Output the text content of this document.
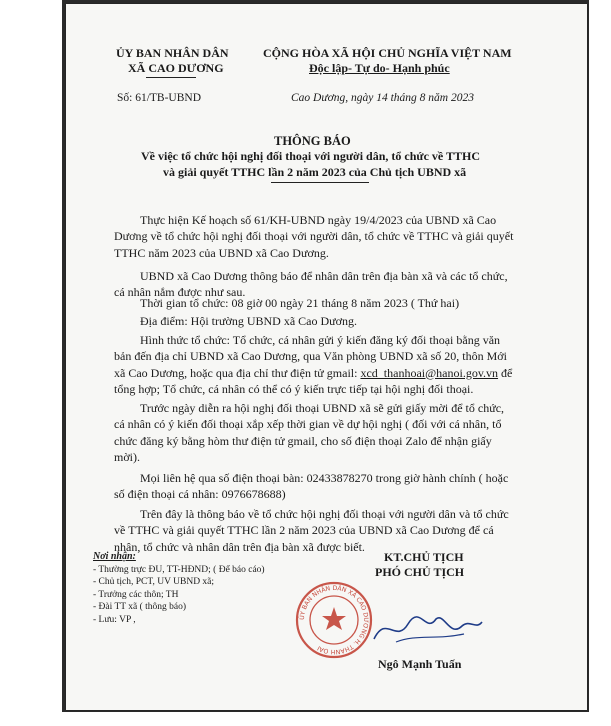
ỦY BAN NHÂN DÂN
XÃ CAO DƯƠNG
CỘNG HÒA XÃ HỘI CHỦ NGHĨA VIỆT NAM
Độc lập- Tự do- Hạnh phúc
Số: 61/TB-UBND	Cao Dương, ngày 14 tháng 8 năm 2023
THÔNG BÁO
Về việc tổ chức hội nghị đối thoại với người dân, tổ chức về TTHC
và giải quyết TTHC lần 2 năm 2023 của Chủ tịch UBND xã
Thực hiện Kế hoạch số 61/KH-UBND ngày 19/4/2023 của UBND xã Cao
Dương về tổ chức hội nghị đối thoại với người dân, tổ chức về TTHC và giải quyết
TTHC năm 2023 của UBND xã Cao Dương.
UBND xã Cao Dương thông báo để nhân dân trên địa bàn xã và các tổ chức,
cá nhân nắm được như sau.
Thời gian tổ chức: 08 giờ 00 ngày 21 tháng 8 năm 2023 ( Thứ hai)
Địa điểm: Hội trường UBND xã Cao Dương.
Hình thức tổ chức: Tổ chức, cá nhân gửi ý kiến đăng ký đối thoại bằng văn
bản đến địa chỉ UBND xã Cao Dương, qua Văn phòng UBND xã số 20, thôn Mới
xã Cao Dương, hoặc qua địa chỉ thư điện tử gmail: xcd_thanhoai@hanoi.gov.vn để
tổng hợp; Tổ chức, cá nhân có thể có ý kiến trực tiếp tại hội nghị đối thoại.
Trước ngày diễn ra hội nghị đối thoại UBND xã sẽ gửi giấy mời để tổ chức,
cá nhân có ý kiến đối thoại xắp xếp thời gian về dự hội nghị ( đối với cá nhân, tổ
chức đăng ký bằng hòm thư điện tử gmail, cho số điện thoại Zalo để nhận giấy
mời).
Mọi liên hệ qua số điện thoại bàn: 02433878270 trong giờ hành chính ( hoặc
số điện thoại cá nhân: 0976678688)
Trên đây là thông báo về tổ chức hội nghị đối thoại với người dân và tổ chức
về TTHC và giải quyết TTHC lần 2 năm 2023 của UBND xã Cao Dương để cá
nhân, tổ chức và nhân dân trên địa bàn xã được biết.
Nơi nhận:
- Thường trực ĐU, TT-HĐND; ( Để báo cáo)
- Chủ tịch, PCT, UV UBND xã;
- Trưởng các thôn; TH
- Đài TT xã ( thông báo)
- Lưu: VP ,
KT.CHỦ TỊCH
PHÓ CHỦ TỊCH
ỦY BAN NHÂN DÂN XÃ CAO DƯƠNG H. THANH OAI
Ngô Mạnh Tuấn
